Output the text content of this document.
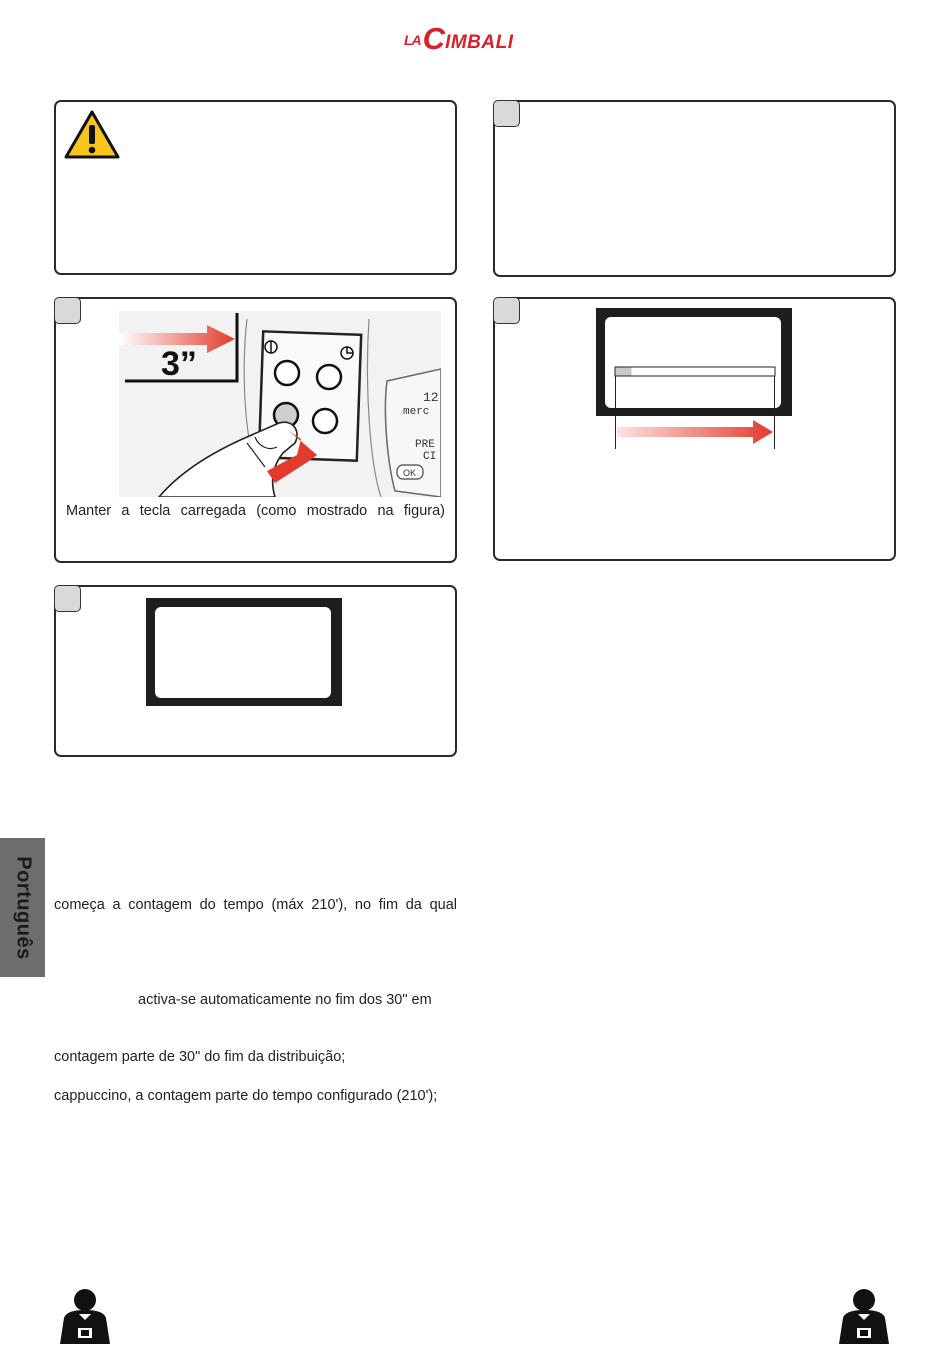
LA C IMBALI
3”
12
merc
PRE
CI
OK
Manter a tecla carregada (como mostrado na figura)
Português começa a contagem do tempo (máx 210'), no fim da qual
activa-se automaticamente no fim dos 30" em
contagem parte de 30" do fim da distribuição;
cappuccino, a contagem parte do tempo configurado (210');
